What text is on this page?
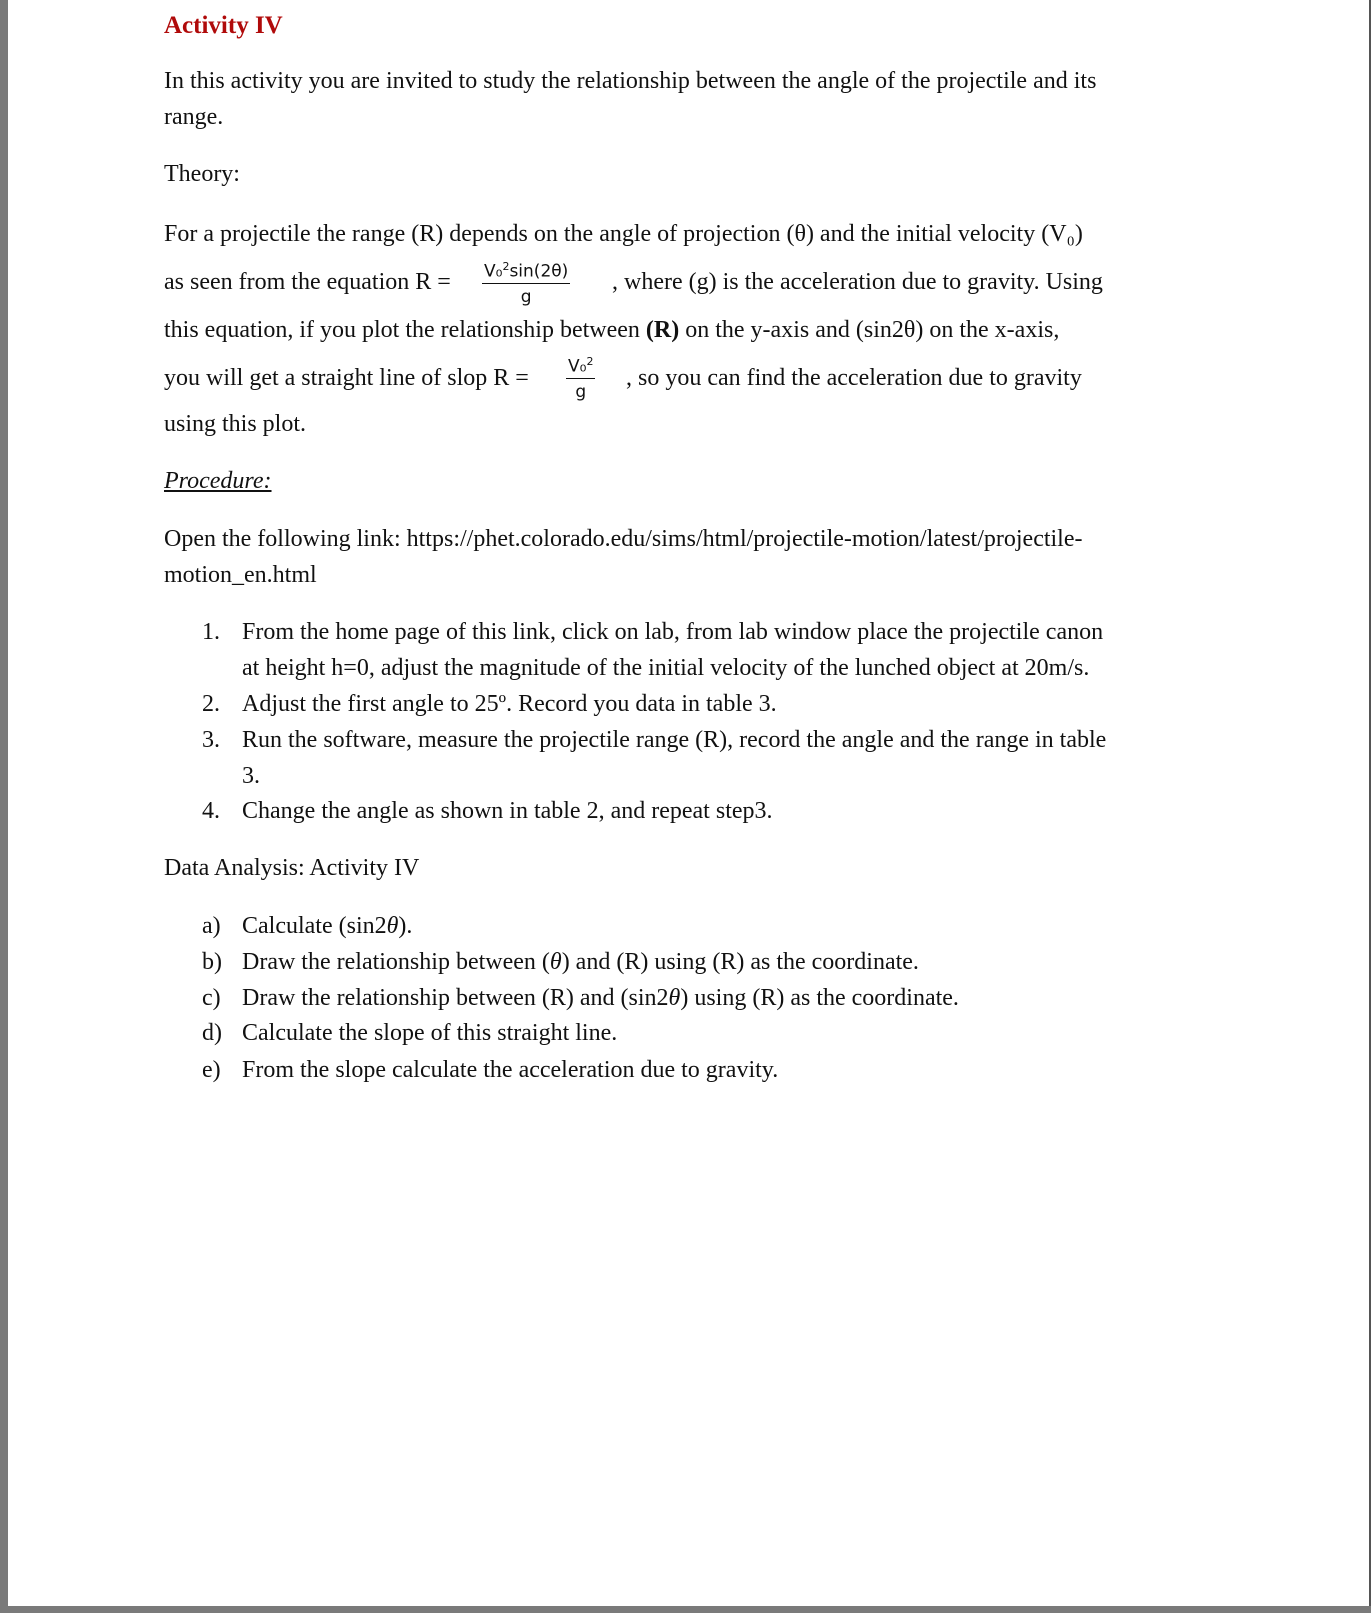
Activity IV
In this activity you are invited to study the relationship between the angle of the projectile and its
range.
Theory:
For a projectile the range (R) depends on the angle of projection (θ) and the initial velocity (V₀)
as seen from the equation $R = \frac{V_0^2\sin(2\theta)}{g}$ , where (g) is the acceleration due to gravity. Using
this equation, if you plot the relationship between (R) on the y-axis and (sin2θ) on the x-axis,
you will get a straight line of slop $R = \frac{V_0^2}{g}$ , so you can find the acceleration due to gravity
using this plot.
Procedure:
Open the following link: https://phet.colorado.edu/sims/html/projectile-motion/latest/projectile-
motion_en.html
1. From the home page of this link, click on lab, from lab window place the projectile canon
at height h=0, adjust the magnitude of the initial velocity of the lunched object at 20m/s.
2. Adjust the first angle to 25º. Record you data in table 3.
3. Run the software, measure the projectile range (R), record the angle and the range in table
3.
4. Change the angle as shown in table 2, and repeat step3.
Data Analysis: Activity IV
a) Calculate (sin2θ).
b) Draw the relationship between (θ) and (R) using (R) as the coordinate.
c) Draw the relationship between (R) and (sin2θ) using (R) as the coordinate.
d) Calculate the slope of this straight line.
e) From the slope calculate the acceleration due to gravity.
